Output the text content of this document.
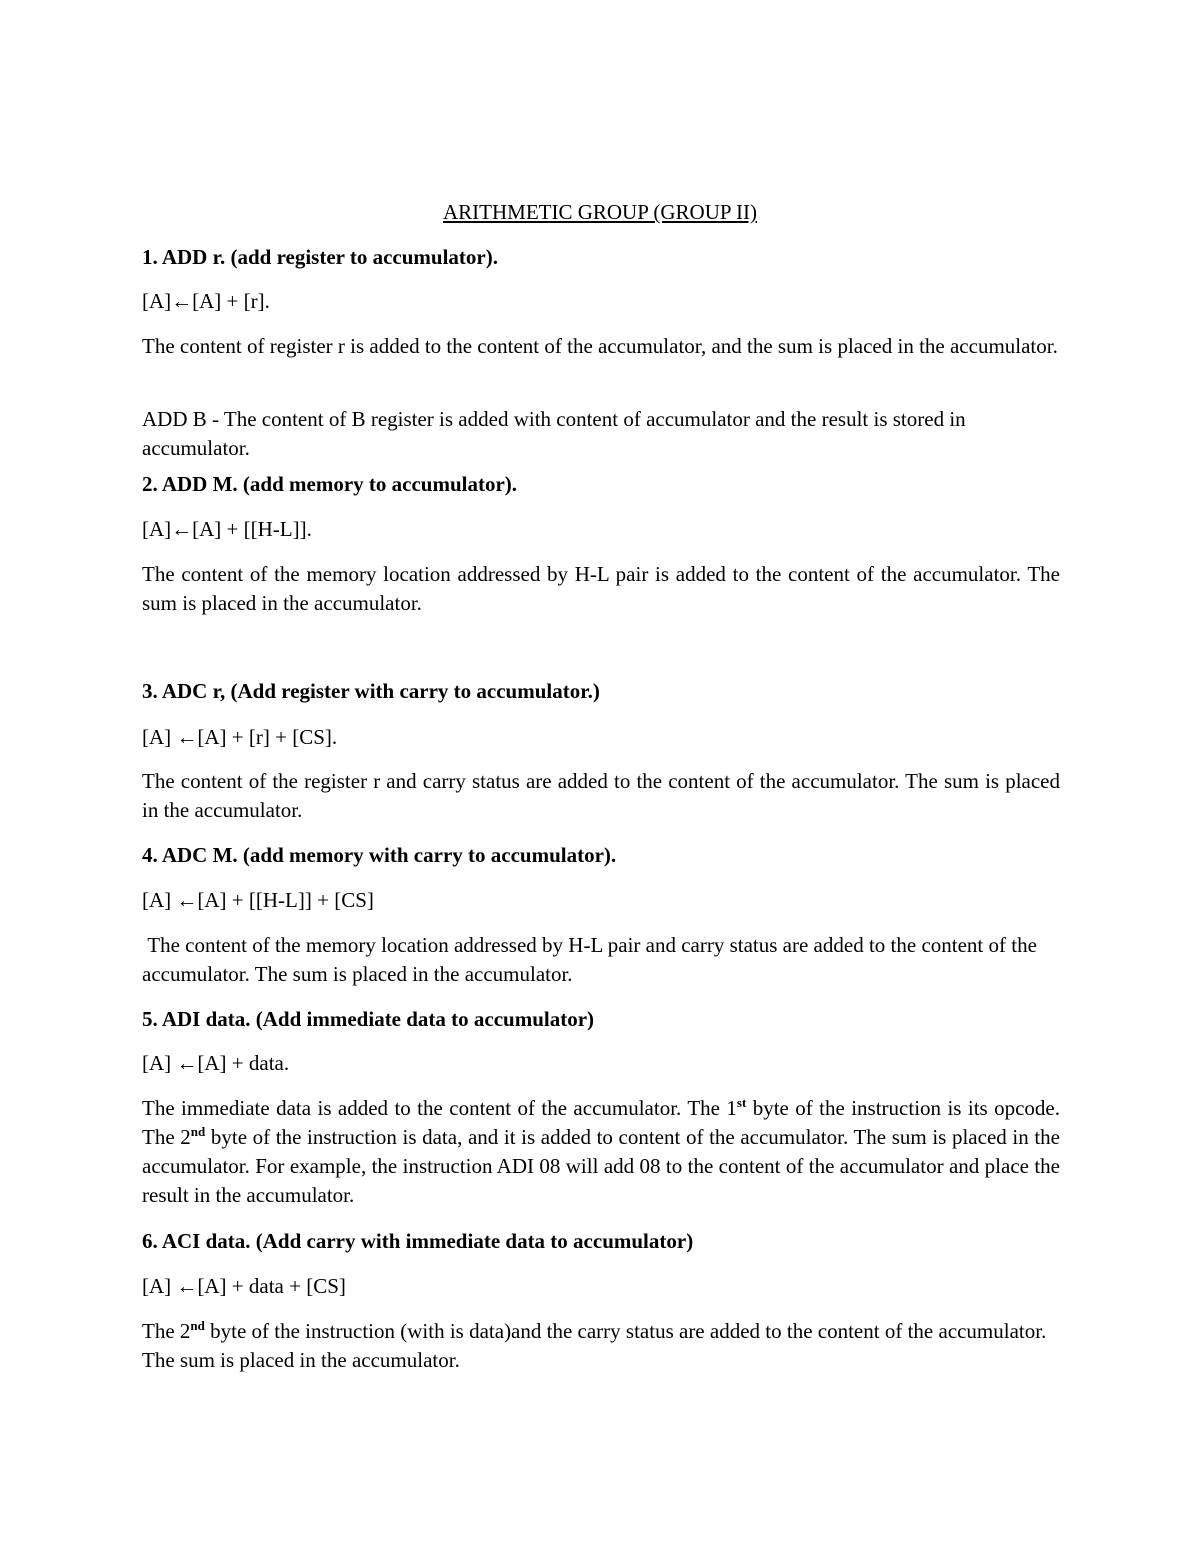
ARITHMETIC GROUP (GROUP II)

1. ADD r. (add register to accumulator).

[A]←[A] + [r].

The content of register r is added to the content of the accumulator, and the sum is placed in the accumulator.

ADD B - The content of B register is added with content of accumulator and the result is stored in accumulator.

2. ADD M. (add memory to accumulator).

[A]←[A] + [[H-L]].

The content of the memory location addressed by H-L pair is added to the content of the accumulator. The sum is placed in the accumulator.

3. ADC r, (Add register with carry to accumulator.)

[A] ←[A] + [r] + [CS].

The content of the register r and carry status are added to the content of the accumulator. The sum is placed in the accumulator.

4. ADC M. (add memory with carry to accumulator).

[A] ←[A] + [[H-L]] + [CS]

The content of the memory location addressed by H-L pair and carry status are added to the content of the accumulator. The sum is placed in the accumulator.

5. ADI data. (Add immediate data to accumulator)

[A] ←[A] + data.

The immediate data is added to the content of the accumulator. The 1st byte of the instruction is its opcode. The 2nd byte of the instruction is data, and it is added to content of the accumulator. The sum is placed in the accumulator. For example, the instruction ADI 08 will add 08 to the content of the accumulator and place the result in the accumulator.

6. ACI data. (Add carry with immediate data to accumulator)

[A] ←[A] + data + [CS]

The 2nd byte of the instruction (with is data)and the carry status are added to the content of the accumulator. The sum is placed in the accumulator.
